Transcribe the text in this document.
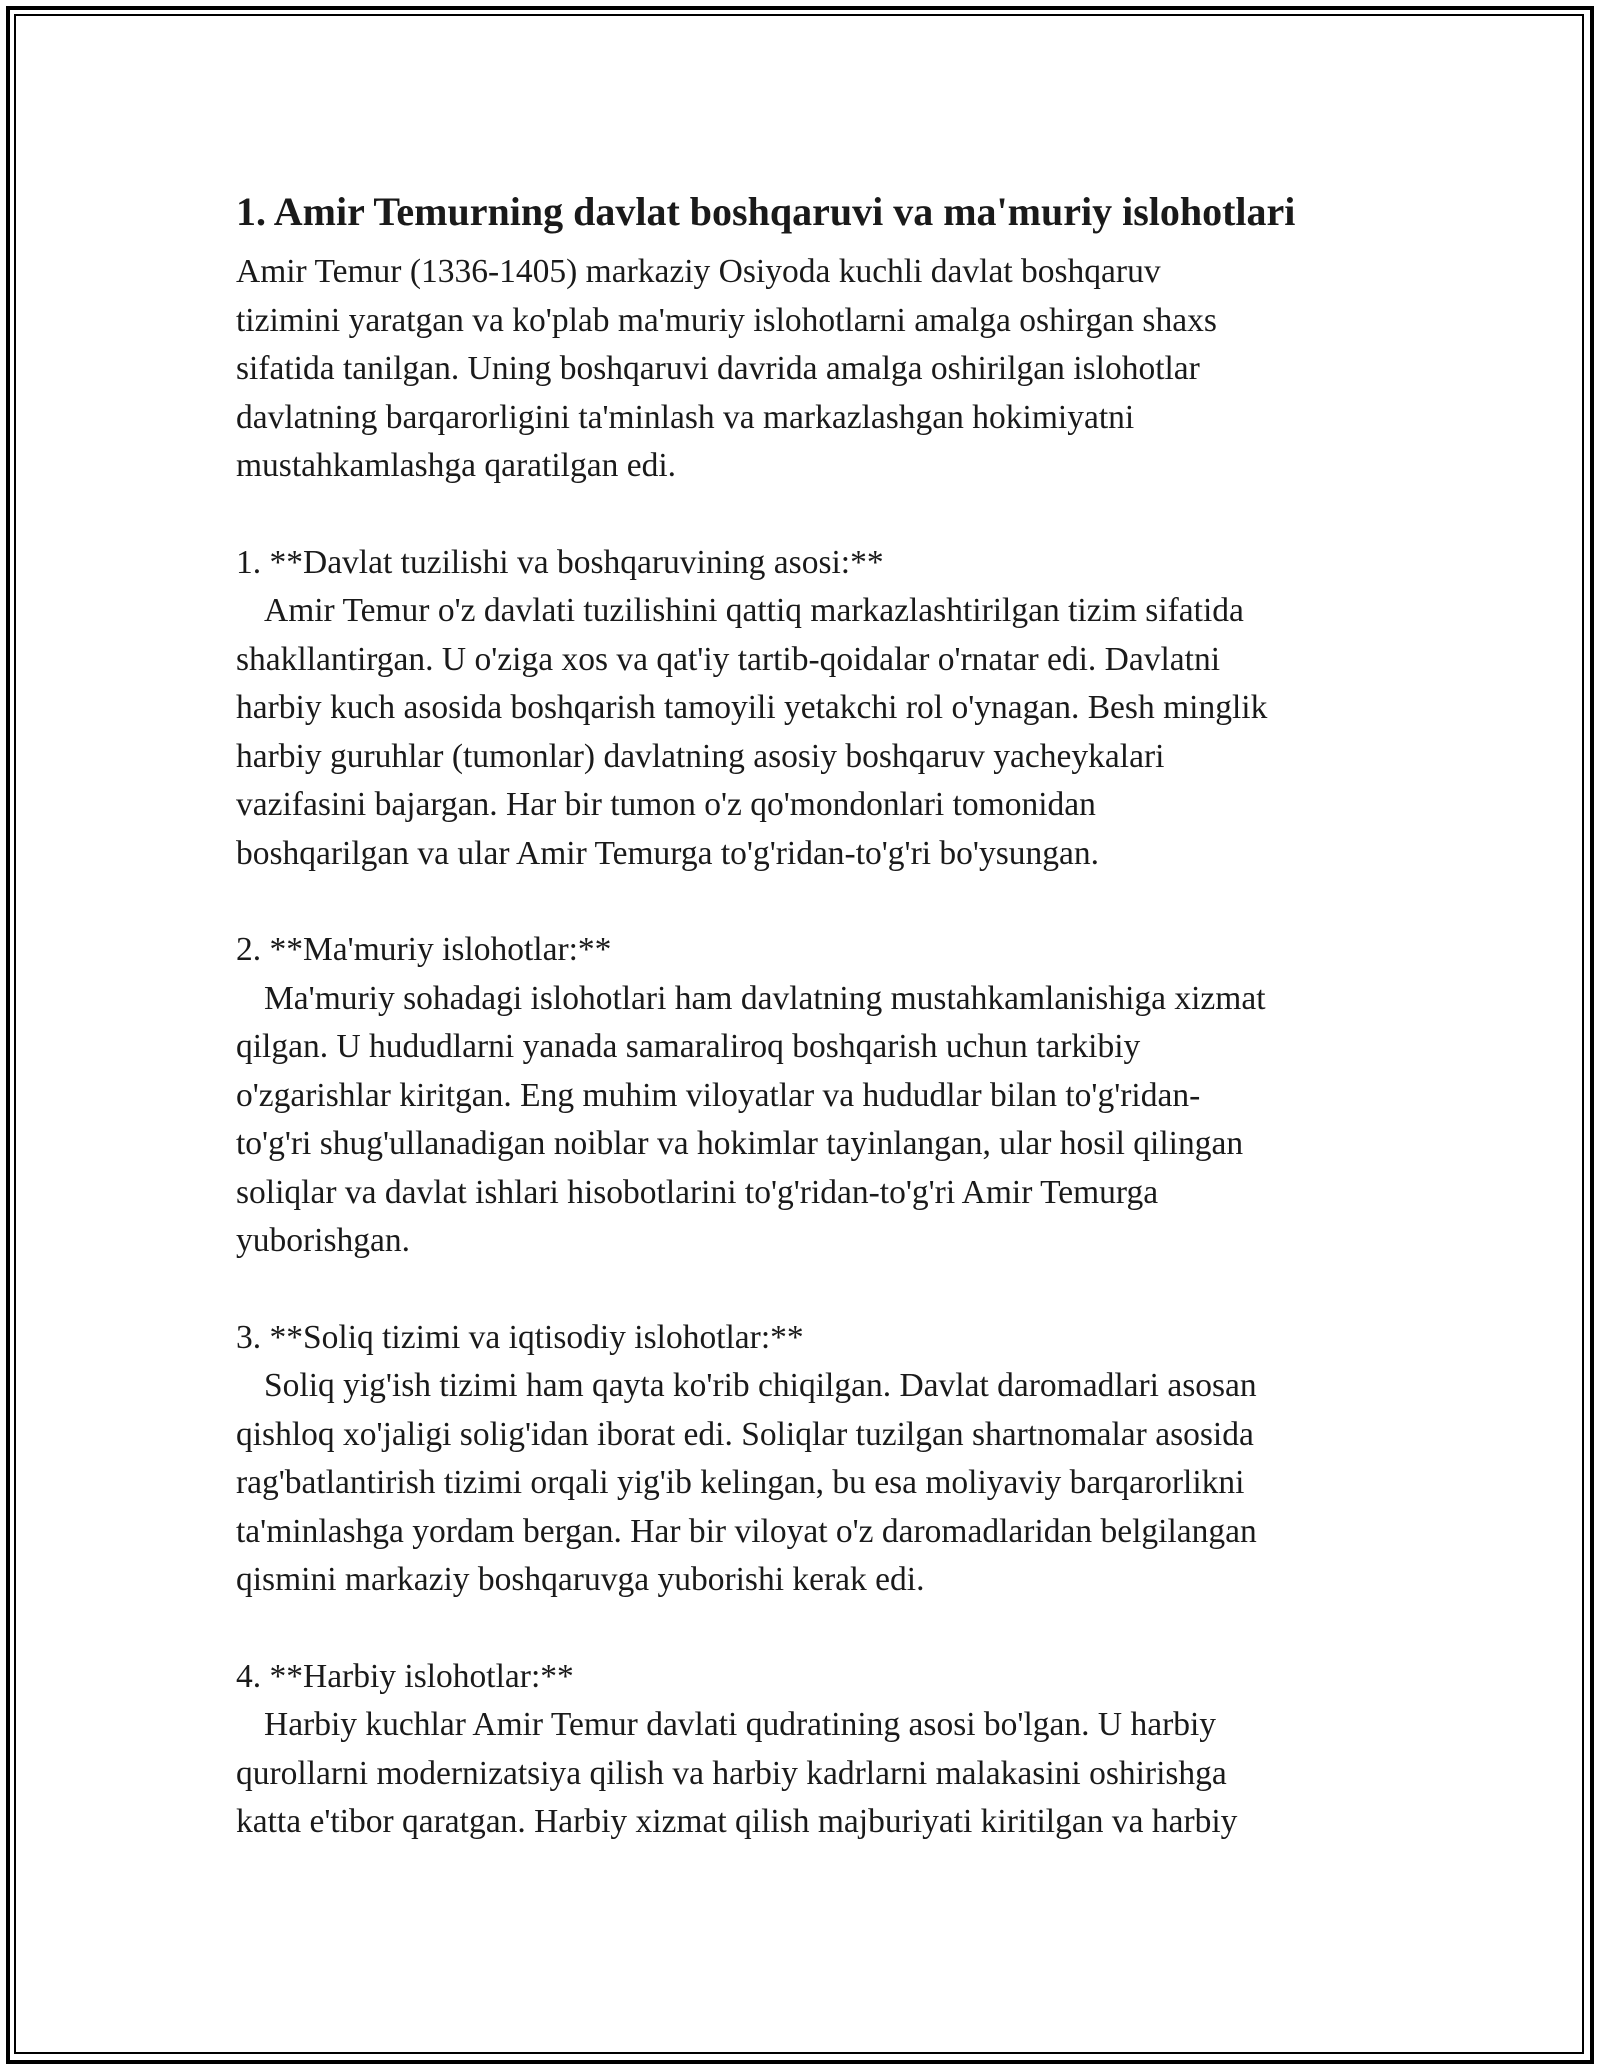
1. Amir Temurning davlat boshqaruvi va ma'muriy islohotlari

Amir Temur (1336-1405) markaziy Osiyoda kuchli davlat boshqaruv
tizimini yaratgan va ko'plab ma'muriy islohotlarni amalga oshirgan shaxs
sifatida tanilgan. Uning boshqaruvi davrida amalga oshirilgan islohotlar
davlatning barqarorligini ta'minlash va markazlashgan hokimiyatni
mustahkamlashga qaratilgan edi.

1. **Davlat tuzilishi va boshqaruvining asosi:**

Amir Temur o'z davlati tuzilishini qattiq markazlashtirilgan tizim sifatida
shakllantirgan. U o'ziga xos va qat'iy tartib-qoidalar o'rnatar edi. Davlatni
harbiy kuch asosida boshqarish tamoyili yetakchi rol o'ynagan. Besh minglik
harbiy guruhlar (tumonlar) davlatning asosiy boshqaruv yacheykalari
vazifasini bajargan. Har bir tumon o'z qo'mondonlari tomonidan
boshqarilgan va ular Amir Temurga to'g'ridan-to'g'ri bo'ysungan.

2. **Ma'muriy islohotlar:**

Ma'muriy sohadagi islohotlari ham davlatning mustahkamlanishiga xizmat
qilgan. U hududlarni yanada samaraliroq boshqarish uchun tarkibiy
o'zgarishlar kiritgan. Eng muhim viloyatlar va hududlar bilan to'g'ridan-
to'g'ri shug'ullanadigan noiblar va hokimlar tayinlangan, ular hosil qilingan
soliqlar va davlat ishlari hisobotlarini to'g'ridan-to'g'ri Amir Temurga
yuborishgan.

3. **Soliq tizimi va iqtisodiy islohotlar:**

Soliq yig'ish tizimi ham qayta ko'rib chiqilgan. Davlat daromadlari asosan
qishloq xo'jaligi solig'idan iborat edi. Soliqlar tuzilgan shartnomalar asosida
rag'batlantirish tizimi orqali yig'ib kelingan, bu esa moliyaviy barqarorlikni
ta'minlashga yordam bergan. Har bir viloyat o'z daromadlaridan belgilangan
qismini markaziy boshqaruvga yuborishi kerak edi.

4. **Harbiy islohotlar:**

Harbiy kuchlar Amir Temur davlati qudratining asosi bo'lgan. U harbiy
qurollarni modernizatsiya qilish va harbiy kadrlarni malakasini oshirishga
katta e'tibor qaratgan. Harbiy xizmat qilish majburiyati kiritilgan va harbiy
